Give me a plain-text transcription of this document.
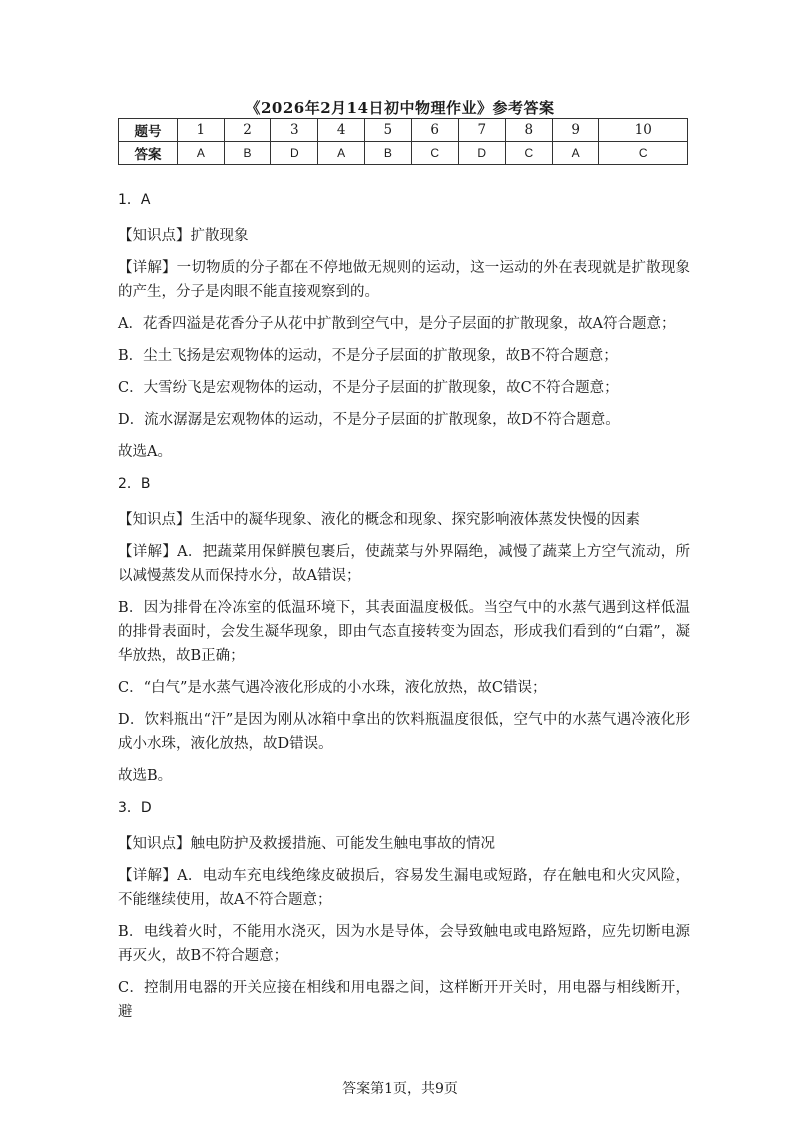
《2026年2月14日初中物理作业》参考答案
题号	1	2	3	4	5	6	7	8	9	10
答案	A	B	D	A	B	C	D	C	A	C
1．A
【知识点】扩散现象
【详解】一切物质的分子都在不停地做无规则的运动，这一运动的外在表现就是扩散现象的产生，分子是肉眼不能直接观察到的。
A．花香四溢是花香分子从花中扩散到空气中，是分子层面的扩散现象，故A符合题意；
B．尘土飞扬是宏观物体的运动，不是分子层面的扩散现象，故B不符合题意；
C．大雪纷飞是宏观物体的运动，不是分子层面的扩散现象，故C不符合题意；
D．流水潺潺是宏观物体的运动，不是分子层面的扩散现象，故D不符合题意。
故选A。
2．B
【知识点】生活中的凝华现象、液化的概念和现象、探究影响液体蒸发快慢的因素
【详解】A．把蔬菜用保鲜膜包裹后，使蔬菜与外界隔绝，减慢了蔬菜上方空气流动，所以减慢蒸发从而保持水分，故A错误；
B．因为排骨在冷冻室的低温环境下，其表面温度极低。当空气中的水蒸气遇到这样低温的排骨表面时，会发生凝华现象，即由气态直接转变为固态，形成我们看到的“白霜”，凝华放热，故B正确；
C．“白气”是水蒸气遇冷液化形成的小水珠，液化放热，故C错误；
D．饮料瓶出“汗”是因为刚从冰箱中拿出的饮料瓶温度很低，空气中的水蒸气遇冷液化形成小水珠，液化放热，故D错误。
故选B。
3．D
【知识点】触电防护及救援措施、可能发生触电事故的情况
【详解】A．电动车充电线绝缘皮破损后，容易发生漏电或短路，存在触电和火灾风险，不能继续使用，故A不符合题意；
B．电线着火时，不能用水浇灭，因为水是导体，会导致触电或电路短路，应先切断电源再灭火，故B不符合题意；
C．控制用电器的开关应接在相线和用电器之间，这样断开开关时，用电器与相线断开，避
答案第1页，共9页
